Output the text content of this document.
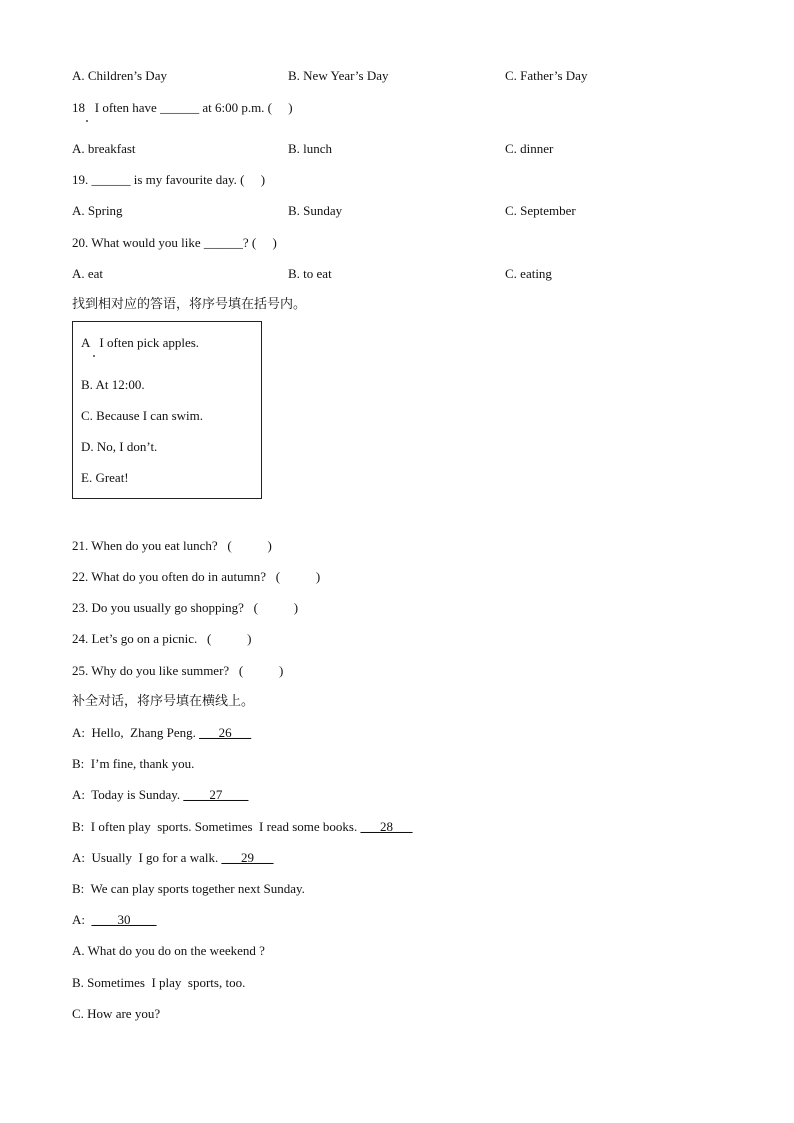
A. Children’s Day	B. New Year’s Day	C. Father’s Day
18   I often have ______ at 6:00 p.m. (     )
A. breakfast	B. lunch	C. dinner
19. ______ is my favourite day. (     )
A. Spring	B. Sunday	C. September
20. What would you like ______? (     )
A. eat	B. to eat	C. eating
找到相对应的答语，将序号填在括号内。
A   I often pick apples.
B. At 12:00.
C. Because I can swim.
D. No, I don’t.
E. Great!
21. When do you eat lunch?   (           )
22. What do you often do in autumn?   (           )
23. Do you usually go shopping?   (           )
24. Let’s go on a picnic.   (           )
25. Why do you like summer?   (           )
补全对话，将序号填在横线上。
A:  Hello,  Zhang Peng. ___26___
B:  I’m fine, thank you.
A:  Today is Sunday. ____27____
B:  I often play  sports. Sometimes  I read some books. ___28___
A:  Usually  I go for a walk. ___29___
B:  We can play sports together next Sunday.
A:  ____30____
A. What do you do on the weekend ?
B. Sometimes  I play  sports, too.
C. How are you?
